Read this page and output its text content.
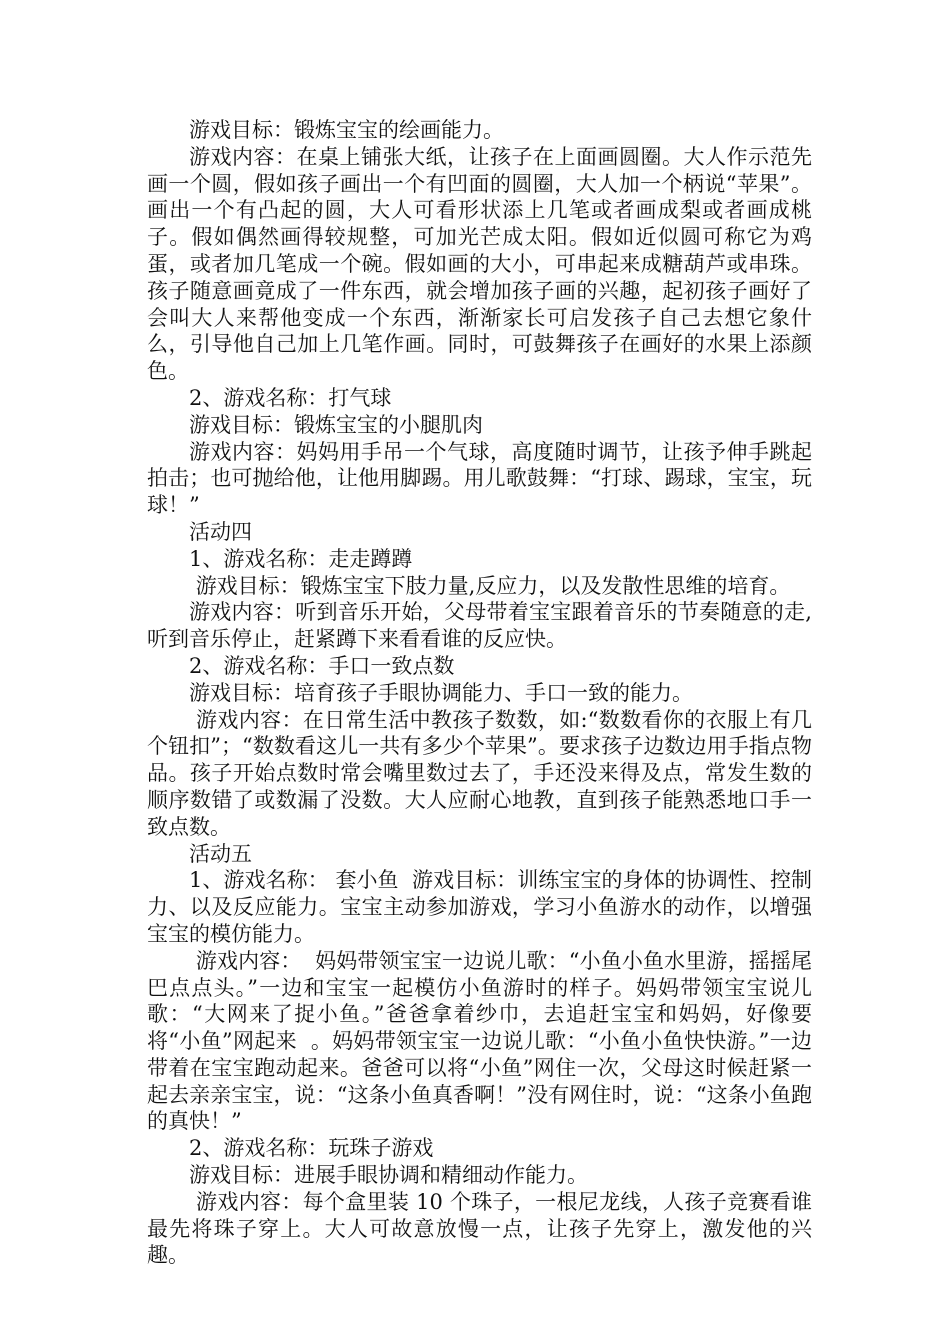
游戏目标：锻炼宝宝的绘画能力。

游戏内容：在桌上铺张大纸，让孩子在上面画圆圈。大人作示范先画一个圆，假如孩子画出一个有凹面的圆圈，大人加一个柄说“苹果”。画出一个有凸起的圆，大人可看形状添上几笔或者画成梨或者画成桃子。假如偶然画得较规整，可加光芒成太阳。假如近似圆可称它为鸡蛋，或者加几笔成一个碗。假如画的大小，可串起来成糖葫芦或串珠。孩子随意画竟成了一件东西，就会增加孩子画的兴趣，起初孩子画好了会叫大人来帮他变成一个东西，渐渐家长可启发孩子自己去想它象什么，引导他自己加上几笔作画。同时，可鼓舞孩子在画好的水果上添颜色。

2、游戏名称：打气球

游戏目标：锻炼宝宝的小腿肌肉

游戏内容：妈妈用手吊一个气球，高度随时调节，让孩予伸手跳起拍击；也可抛给他，让他用脚踢。用儿歌鼓舞：“打球、踢球，宝宝，玩球！”

活动四

1、游戏名称：走走蹲蹲

游戏目标：锻炼宝宝下肢力量,反应力，以及发散性思维的培育。

游戏内容：听到音乐开始，父母带着宝宝跟着音乐的节奏随意的走,听到音乐停止，赶紧蹲下来看看谁的反应快。

2、游戏名称：手口一致点数

游戏目标：培育孩子手眼协调能力、手口一致的能力。

游戏内容：在日常生活中教孩子数数，如:“数数看你的衣服上有几个钮扣”；“数数看这儿一共有多少个苹果”。要求孩子边数边用手指点物品。孩子开始点数时常会嘴里数过去了，手还没来得及点，常发生数的顺序数错了或数漏了没数。大人应耐心地教，直到孩子能熟悉地口手一致点数。

活动五

1、游戏名称： 套小鱼  游戏目标：训练宝宝的身体的协调性、控制力、以及反应能力。宝宝主动参加游戏，学习小鱼游水的动作，以增强宝宝的模仿能力。

游戏内容：  妈妈带领宝宝一边说儿歌：“小鱼小鱼水里游，摇摇尾巴点点头。”一边和宝宝一起模仿小鱼游时的样子。妈妈带领宝宝说儿歌：“大网来了捉小鱼。”爸爸拿着纱巾，去追赶宝宝和妈妈，好像要将“小鱼”网起来  。妈妈带领宝宝一边说儿歌：“小鱼小鱼快快游。”一边带着在宝宝跑动起来。爸爸可以将“小鱼”网住一次，父母这时候赶紧一起去亲亲宝宝，说：“这条小鱼真香啊！”没有网住时，说：“这条小鱼跑的真快！”

2、游戏名称：玩珠子游戏

游戏目标：进展手眼协调和精细动作能力。

游戏内容：每个盒里装 10 个珠子，一根尼龙线，人孩子竞赛看谁最先将珠子穿上。大人可故意放慢一点，让孩子先穿上，激发他的兴趣。
